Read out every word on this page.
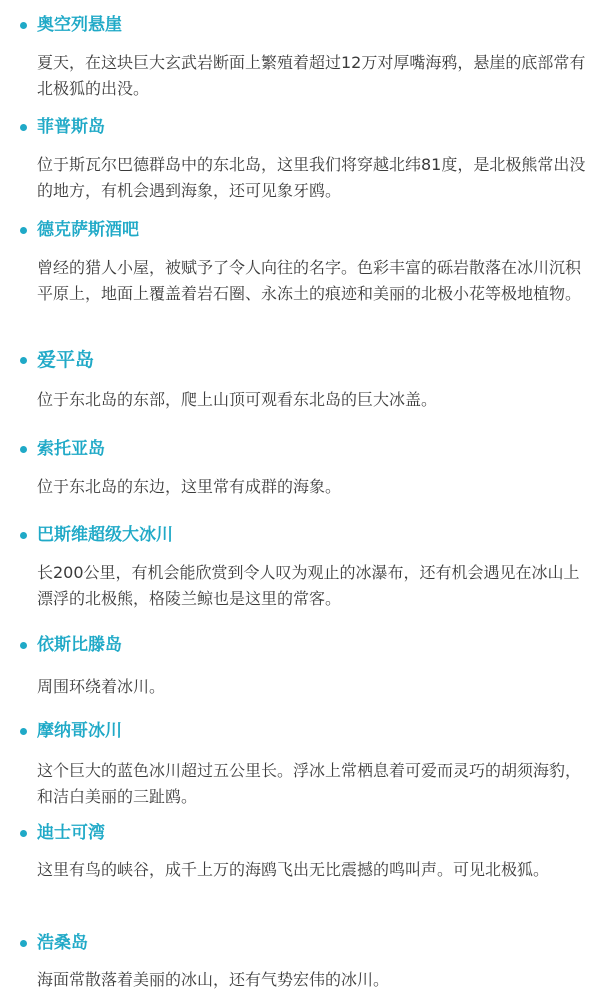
奥空列悬崖
夏天，在这块巨大玄武岩断面上繁殖着超过12万对厚嘴海鸦，悬崖的底部常有北极狐的出没。
菲普斯岛
位于斯瓦尔巴德群岛中的东北岛，这里我们将穿越北纬81度，是北极熊常出没的地方，有机会遇到海象，还可见象牙鸥。
德克萨斯酒吧
曾经的猎人小屋，被赋予了令人向往的名字。色彩丰富的砾岩散落在冰川沉积平原上，地面上覆盖着岩石圈、永冻土的痕迹和美丽的北极小花等极地植物。
爱平岛
位于东北岛的东部，爬上山顶可观看东北岛的巨大冰盖。
索托亚岛
位于东北岛的东边，这里常有成群的海象。
巴斯维超级大冰川
长200公里，有机会能欣赏到令人叹为观止的冰瀑布，还有机会遇见在冰山上漂浮的北极熊，格陵兰鲸也是这里的常客。
依斯比滕岛
周围环绕着冰川。
摩纳哥冰川
这个巨大的蓝色冰川超过五公里长。浮冰上常栖息着可爱而灵巧的胡须海豹，和洁白美丽的三趾鸥。
迪士可湾
这里有鸟的峡谷，成千上万的海鸥飞出无比震撼的鸣叫声。可见北极狐。
浩桑岛
海面常散落着美丽的冰山，还有气势宏伟的冰川。
